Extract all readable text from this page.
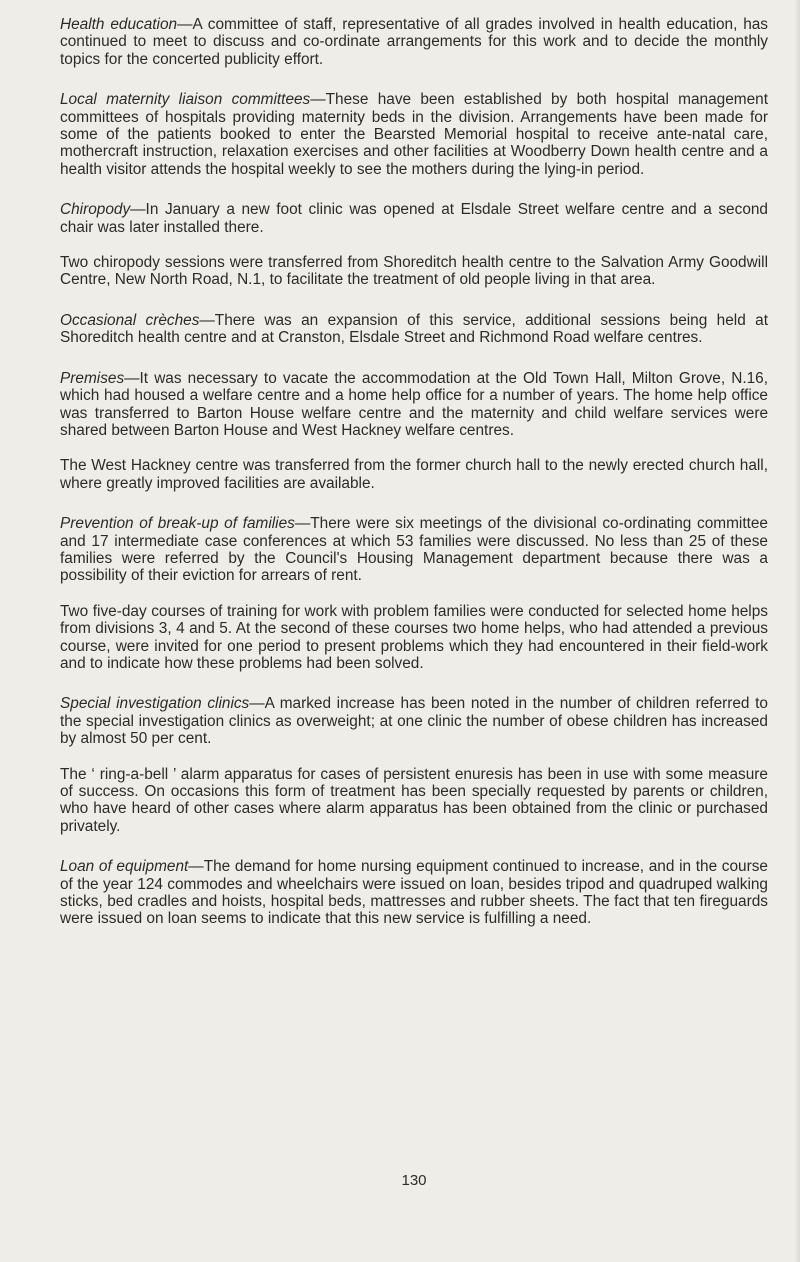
Health education—A committee of staff, representative of all grades involved in health education, has continued to meet to discuss and co-ordinate arrangements for this work and to decide the monthly topics for the concerted publicity effort.

Local maternity liaison committees—These have been established by both hospital management committees of hospitals providing maternity beds in the division. Arrangements have been made for some of the patients booked to enter the Bearsted Memorial hospital to receive ante-natal care, mothercraft instruction, relaxation exercises and other facilities at Woodberry Down health centre and a health visitor attends the hospital weekly to see the mothers during the lying-in period.

Chiropody—In January a new foot clinic was opened at Elsdale Street welfare centre and a second chair was later installed there.

Two chiropody sessions were transferred from Shoreditch health centre to the Salvation Army Goodwill Centre, New North Road, N.1, to facilitate the treatment of old people living in that area.

Occasional crèches—There was an expansion of this service, additional sessions being held at Shoreditch health centre and at Cranston, Elsdale Street and Richmond Road welfare centres.

Premises—It was necessary to vacate the accommodation at the Old Town Hall, Milton Grove, N.16, which had housed a welfare centre and a home help office for a number of years. The home help office was transferred to Barton House welfare centre and the maternity and child welfare services were shared between Barton House and West Hackney welfare centres.

The West Hackney centre was transferred from the former church hall to the newly erected church hall, where greatly improved facilities are available.

Prevention of break-up of families—There were six meetings of the divisional co-ordinating committee and 17 intermediate case conferences at which 53 families were discussed. No less than 25 of these families were referred by the Council's Housing Management department because there was a possibility of their eviction for arrears of rent.

Two five-day courses of training for work with problem families were conducted for selected home helps from divisions 3, 4 and 5. At the second of these courses two home helps, who had attended a previous course, were invited for one period to present problems which they had encountered in their field-work and to indicate how these problems had been solved.

Special investigation clinics—A marked increase has been noted in the number of children referred to the special investigation clinics as overweight; at one clinic the number of obese children has increased by almost 50 per cent.

The ‘ ring-a-bell ’ alarm apparatus for cases of persistent enuresis has been in use with some measure of success. On occasions this form of treatment has been specially requested by parents or children, who have heard of other cases where alarm apparatus has been obtained from the clinic or purchased privately.

Loan of equipment—The demand for home nursing equipment continued to increase, and in the course of the year 124 commodes and wheelchairs were issued on loan, besides tripod and quadruped walking sticks, bed cradles and hoists, hospital beds, mattresses and rubber sheets. The fact that ten fireguards were issued on loan seems to indicate that this new service is fulfilling a need.

130
